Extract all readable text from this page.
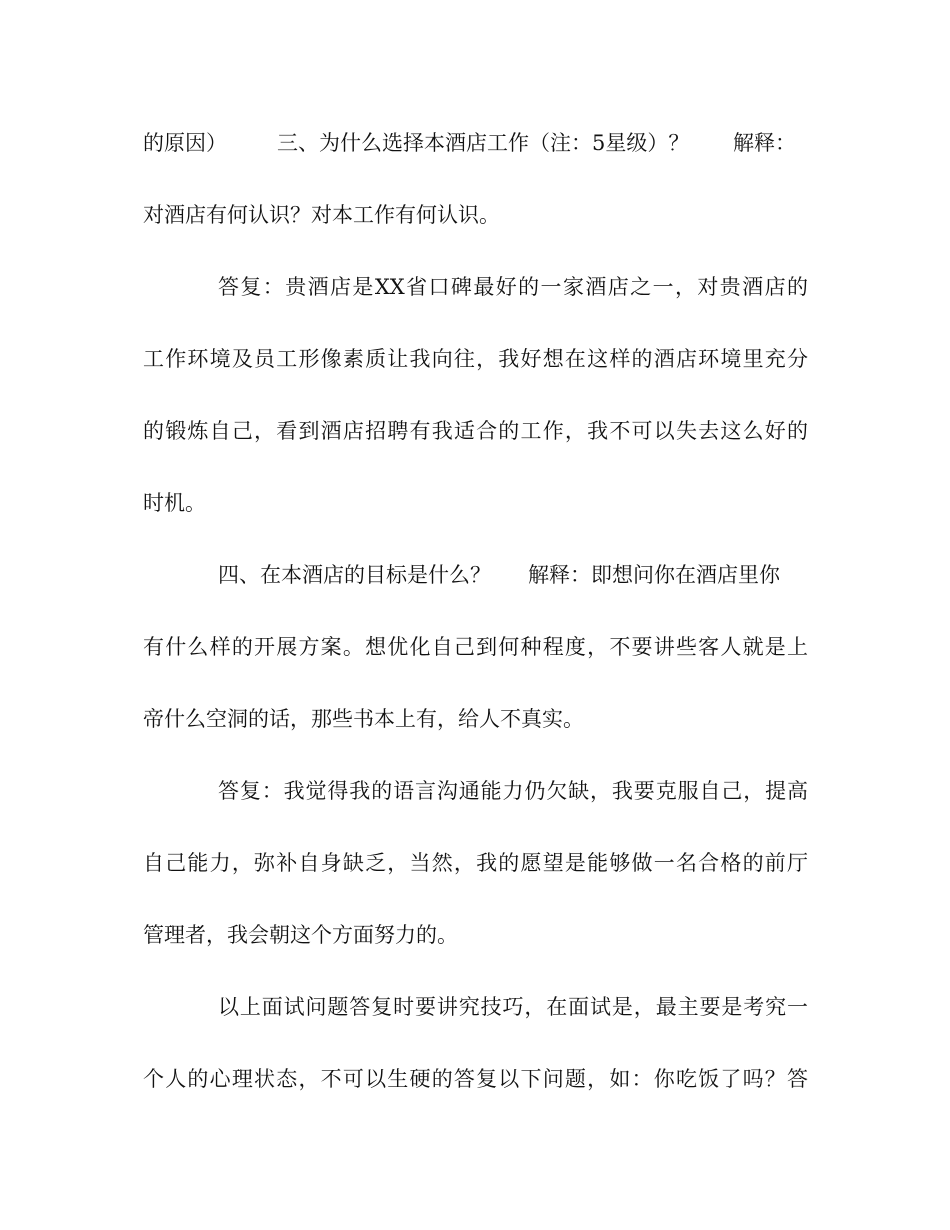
的原因） 三、为什么选择本酒店工作（注：5星级）？ 解释：
对酒店有何认识？对本工作有何认识。
答复：贵酒店是XX省口碑最好的一家酒店之一，对贵酒店的
工作环境及员工形像素质让我向往，我好想在这样的酒店环境里充分
的锻炼自己，看到酒店招聘有我适合的工作，我不可以失去这么好的
时机。
四、在本酒店的目标是什么？ 解释：即想问你在酒店里你
有什么样的开展方案。想优化自己到何种程度，不要讲些客人就是上
帝什么空洞的话，那些书本上有，给人不真实。
答复：我觉得我的语言沟通能力仍欠缺，我要克服自己，提高
自己能力，弥补自身缺乏，当然，我的愿望是能够做一名合格的前厅
管理者，我会朝这个方面努力的。
以上面试问题答复时要讲究技巧，在面试是，最主要是考究一
个人的心理状态，不可以生硬的答复以下问题，如：你吃饭了吗？答
